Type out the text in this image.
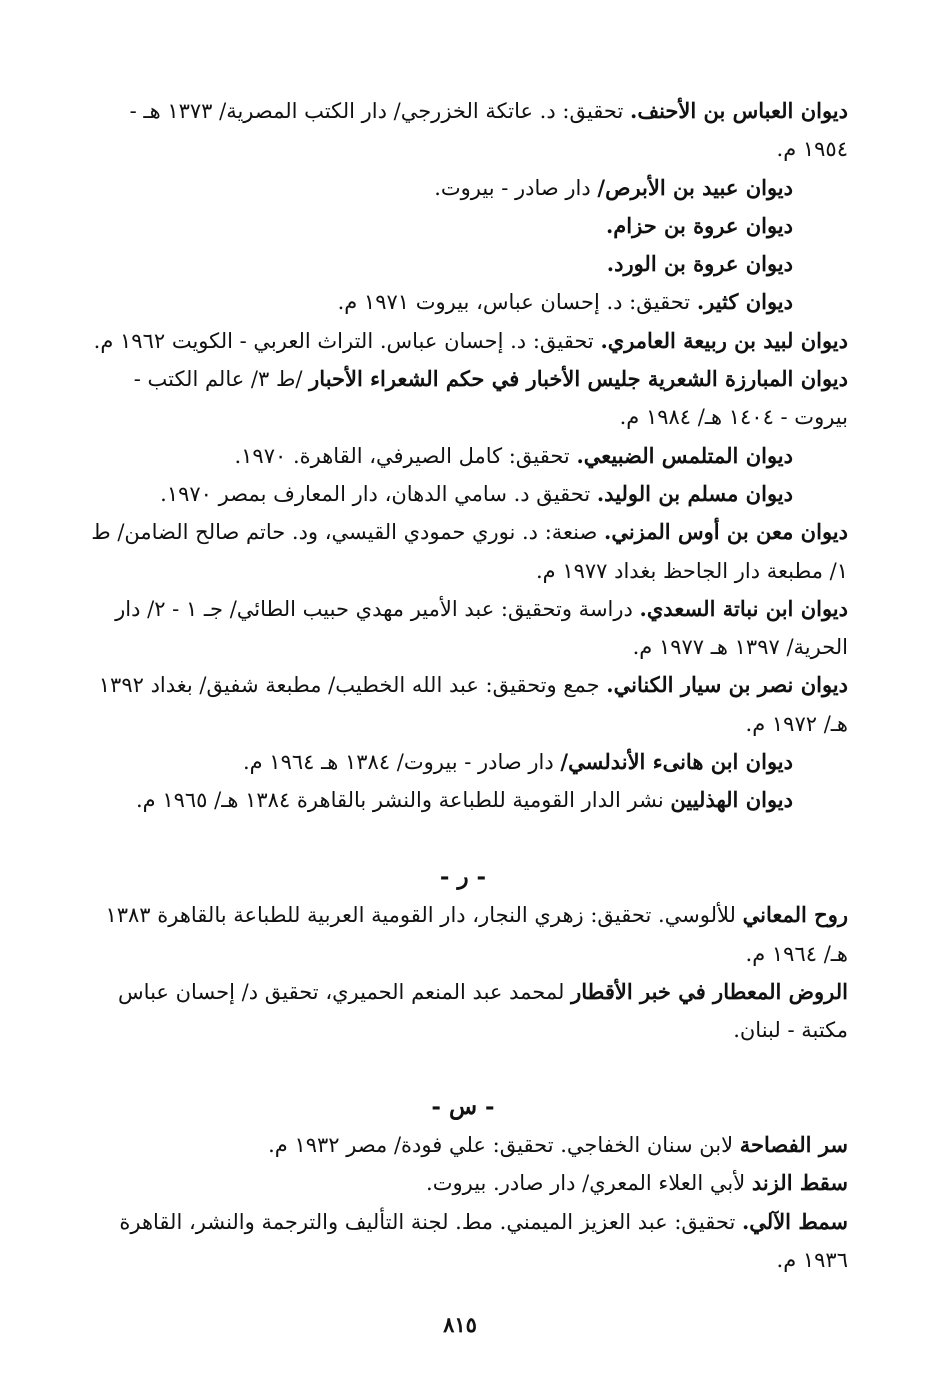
ديوان العباس بن الأحنف. تحقيق: د. عاتكة الخزرجي/ دار الكتب المصرية/ ١٣٧٣ هـ - ١٩٥٤ م.

ديوان عبيد بن الأبرص/ دار صادر - بيروت.

ديوان عروة بن حزام.

ديوان عروة بن الورد.

ديوان كثير. تحقيق: د. إحسان عباس، بيروت ١٩٧١ م.

ديوان لبيد بن ربيعة العامري. تحقيق: د. إحسان عباس. التراث العربي - الكويت ١٩٦٢ م.

ديوان المبارزة الشعرية جليس الأخبار في حكم الشعراء الأحبار /ط ٣/ عالم الكتب - بيروت - ١٤٠٤ هـ/ ١٩٨٤ م.

ديوان المتلمس الضبيعي. تحقيق: كامل الصيرفي، القاهرة. ١٩٧٠.

ديوان مسلم بن الوليد. تحقيق د. سامي الدهان، دار المعارف بمصر ١٩٧٠.

ديوان معن بن أوس المزني. صنعة: د. نوري حمودي القيسي، ود. حاتم صالح الضامن/ ط ١/ مطبعة دار الجاحظ بغداد ١٩٧٧ م.

ديوان ابن نباتة السعدي. دراسة وتحقيق: عبد الأمير مهدي حبيب الطائي/ جـ ١ - ٢/ دار الحرية/ ١٣٩٧ هـ ١٩٧٧ م.

ديوان نصر بن سيار الكناني. جمع وتحقيق: عبد الله الخطيب/ مطبعة شفيق/ بغداد ١٣٩٢ هـ/ ١٩٧٢ م.

ديوان ابن هانىء الأندلسي/ دار صادر - بيروت/ ١٣٨٤ هـ ١٩٦٤ م.

ديوان الهذليين نشر الدار القومية للطباعة والنشر بالقاهرة ١٣٨٤ هـ/ ١٩٦٥ م.

- ر -

روح المعاني للألوسي. تحقيق: زهري النجار، دار القومية العربية للطباعة بالقاهرة ١٣٨٣ هـ/ ١٩٦٤ م.

الروض المعطار في خبر الأقطار لمحمد عبد المنعم الحميري، تحقيق د/ إحسان عباس مكتبة - لبنان.

- س -

سر الفصاحة لابن سنان الخفاجي. تحقيق: علي فودة/ مصر ١٩٣٢ م.

سقط الزند لأبي العلاء المعري/ دار صادر. بيروت.

سمط الآلي. تحقيق: عبد العزيز الميمني. مط. لجنة التأليف والترجمة والنشر، القاهرة ١٩٣٦ م.

٨١٥
